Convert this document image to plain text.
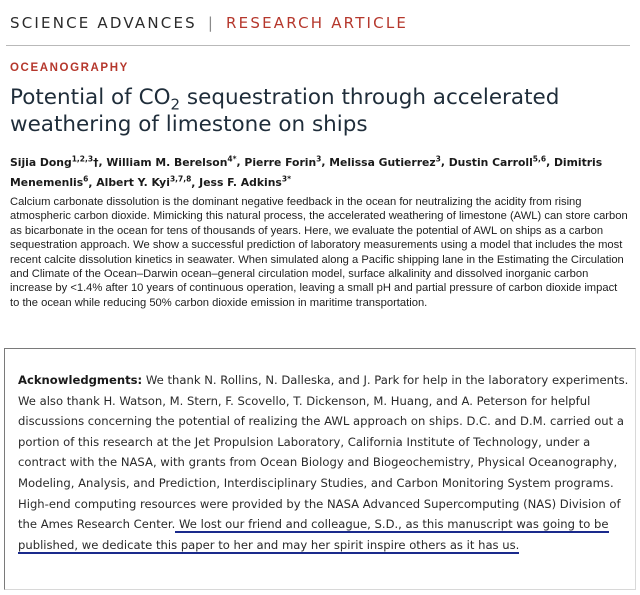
SCIENCE ADVANCES | RESEARCH ARTICLE
OCEANOGRAPHY
Potential of $CO_2$ sequestration through accelerated weathering of limestone on ships
Sijia Dong$^{1,2,3}$†, William M. Berelson$^{4*}$, Pierre Forin$^3$, Melissa Gutierrez$^3$, Dustin Carroll$^{5,6}$, Dimitris Menemenlis$^6$, Albert Y. Kyi$^{3,7,8}$, Jess F. Adkins$^{3*}$

Calcium carbonate dissolution is the dominant negative feedback in the ocean for neutralizing the acidity from rising atmospheric carbon dioxide. Mimicking this natural process, the accelerated weathering of limestone (AWL) can store carbon as bicarbonate in the ocean for tens of thousands of years. Here, we evaluate the potential of AWL on ships as a carbon sequestration approach. We show a successful prediction of laboratory measurements using a model that includes the most recent calcite dissolution kinetics in seawater. When simulated along a Pacific shipping lane in the Estimating the Circulation and Climate of the Ocean–Darwin ocean–general circulation model, surface alkalinity and dissolved inorganic carbon increase by <1.4% after 10 years of continuous operation, leaving a small pH and partial pressure of carbon dioxide impact to the ocean while reducing 50% carbon dioxide emission in maritime transportation.

Acknowledgments: We thank N. Rollins, N. Dalleska, and J. Park for help in the laboratory experiments. We also thank H. Watson, M. Stern, F. Scovello, T. Dickenson, M. Huang, and A. Peterson for helpful discussions concerning the potential of realizing the AWL approach on ships. D.C. and D.M. carried out a portion of this research at the Jet Propulsion Laboratory, California Institute of Technology, under a contract with the NASA, with grants from Ocean Biology and Biogeochemistry, Physical Oceanography, Modeling, Analysis, and Prediction, Interdisciplinary Studies, and Carbon Monitoring System programs. High-end computing resources were provided by the NASA Advanced Supercomputing (NAS) Division of the Ames Research Center. We lost our friend and colleague, S.D., as this manuscript was going to be published, we dedicate this paper to her and may her spirit inspire others as it has us.
